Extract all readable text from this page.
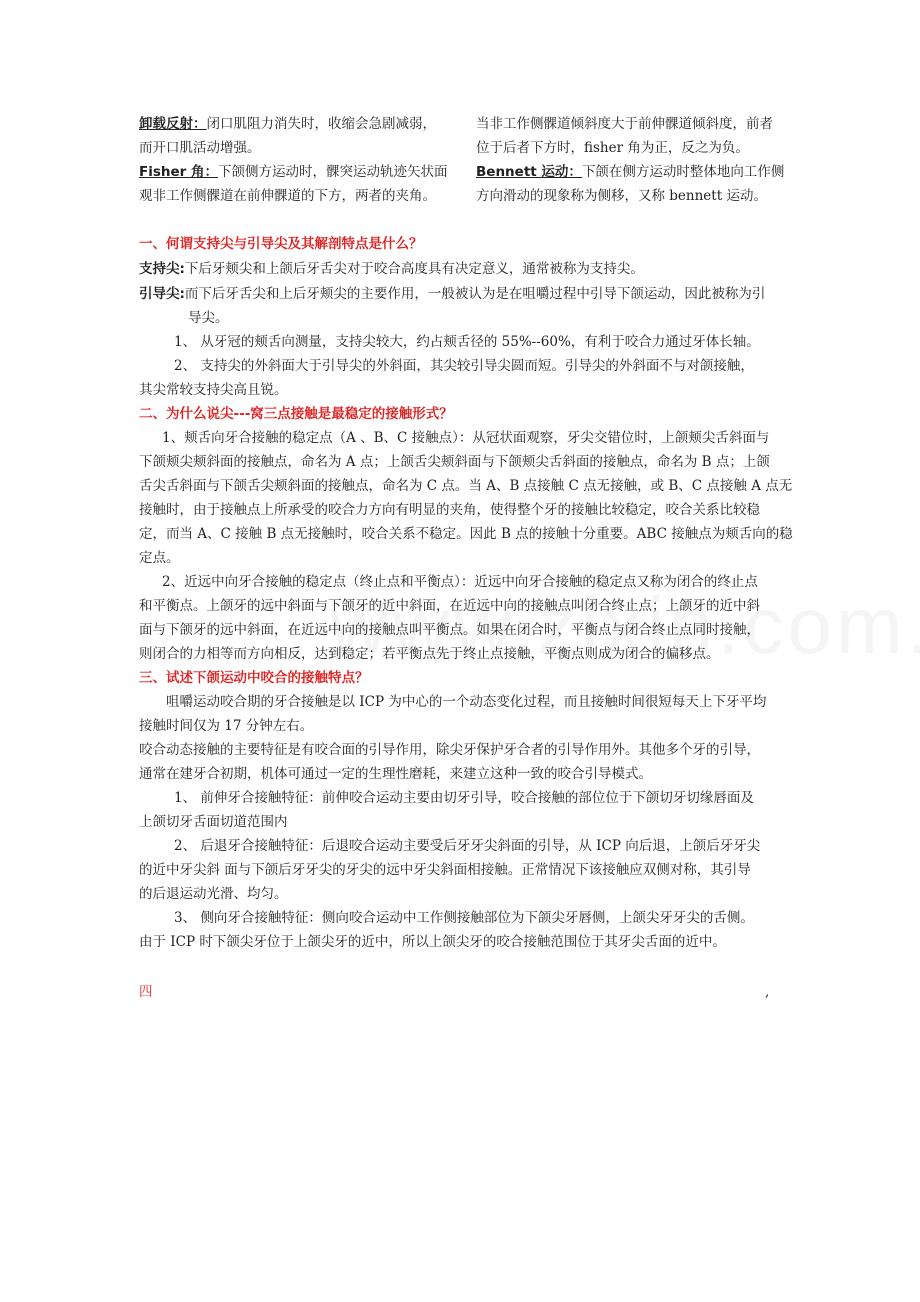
卸载反射：闭口肌阻力消失时，收缩会急剧减弱，
而开口肌活动增强。
Fisher 角：下颌侧方运动时，髁突运动轨迹矢状面
观非工作侧髁道在前伸髁道的下方，两者的夹角。
当非工作侧髁道倾斜度大于前伸髁道倾斜度，前者
位于后者下方时，fisher 角为正，反之为负。
Bennett 运动：下颌在侧方运动时整体地向工作侧
方向滑动的现象称为侧移，又称 bennett 运动。
一、何谓支持尖与引导尖及其解剖特点是什么？
支持尖:下后牙颊尖和上颌后牙舌尖对于咬合高度具有决定意义，通常被称为支持尖。
引导尖:而下后牙舌尖和上后牙颊尖的主要作用，一般被认为是在咀嚼过程中引导下颌运动，因此被称为引
导尖。
1、 从牙冠的颊舌向测量，支持尖较大，约占颊舌径的 55%--60%，有利于咬合力通过牙体长轴。
2、 支持尖的外斜面大于引导尖的外斜面，其尖较引导尖圆而短。引导尖的外斜面不与对颌接触，
其尖常较支持尖高且锐。
二、为什么说尖---窝三点接触是最稳定的接触形式？
1、颊舌向牙合接触的稳定点（A 、B、C 接触点）：从冠状面观察，牙尖交错位时，上颌颊尖舌斜面与
下颌颊尖颊斜面的接触点，命名为 A 点；上颌舌尖颊斜面与下颌颊尖舌斜面的接触点，命名为 B 点；上颌
舌尖舌斜面与下颌舌尖颊斜面的接触点，命名为 C 点。当 A、B 点接触 C 点无接触，或 B、C 点接触 A 点无
接触时，由于接触点上所承受的咬合力方向有明显的夹角，使得整个牙的接触比较稳定，咬合关系比较稳
定，而当 A、C 接触 B 点无接触时，咬合关系不稳定。因此 B 点的接触十分重要。ABC 接触点为颊舌向的稳
定点。
2、近远中向牙合接触的稳定点（终止点和平衡点）：近远中向牙合接触的稳定点又称为闭合的终止点
和平衡点。上颌牙的远中斜面与下颌牙的近中斜面，在近远中向的接触点叫闭合终止点；上颌牙的近中斜
面与下颌牙的远中斜面，在近远中向的接触点叫平衡点。如果在闭合时，平衡点与闭合终止点同时接触，
则闭合的力相等而方向相反，达到稳定；若平衡点先于终止点接触，平衡点则成为闭合的偏移点。
三、试述下颌运动中咬合的接触特点？
咀嚼运动咬合期的牙合接触是以 ICP 为中心的一个动态变化过程，而且接触时间很短每天上下牙平均
接触时间仅为 17 分钟左右。
咬合动态接触的主要特征是有咬合面的引导作用，除尖牙保护牙合者的引导作用外。其他多个牙的引导，
通常在建牙合初期，机体可通过一定的生理性磨耗，来建立这种一致的咬合引导模式。
1、 前伸牙合接触特征：前伸咬合运动主要由切牙引导，咬合接触的部位位于下颌切牙切缘唇面及
上颌切牙舌面切道范围内
2、 后退牙合接触特征：后退咬合运动主要受后牙牙尖斜面的引导，从 ICP 向后退，上颌后牙牙尖
的近中牙尖斜 面与下颌后牙牙尖的牙尖的远中牙尖斜面相接触。正常情况下该接触应双侧对称，其引导
的后退运动光滑、均匀。
3、 侧向牙合接触特征：侧向咬合运动中工作侧接触部位为下颌尖牙唇侧，上颌尖牙牙尖的舌侧。
由于 ICP 时下颌尖牙位于上颌尖牙的近中，所以上颌尖牙的咬合接触范围位于其牙尖舌面的近中。
四	,
